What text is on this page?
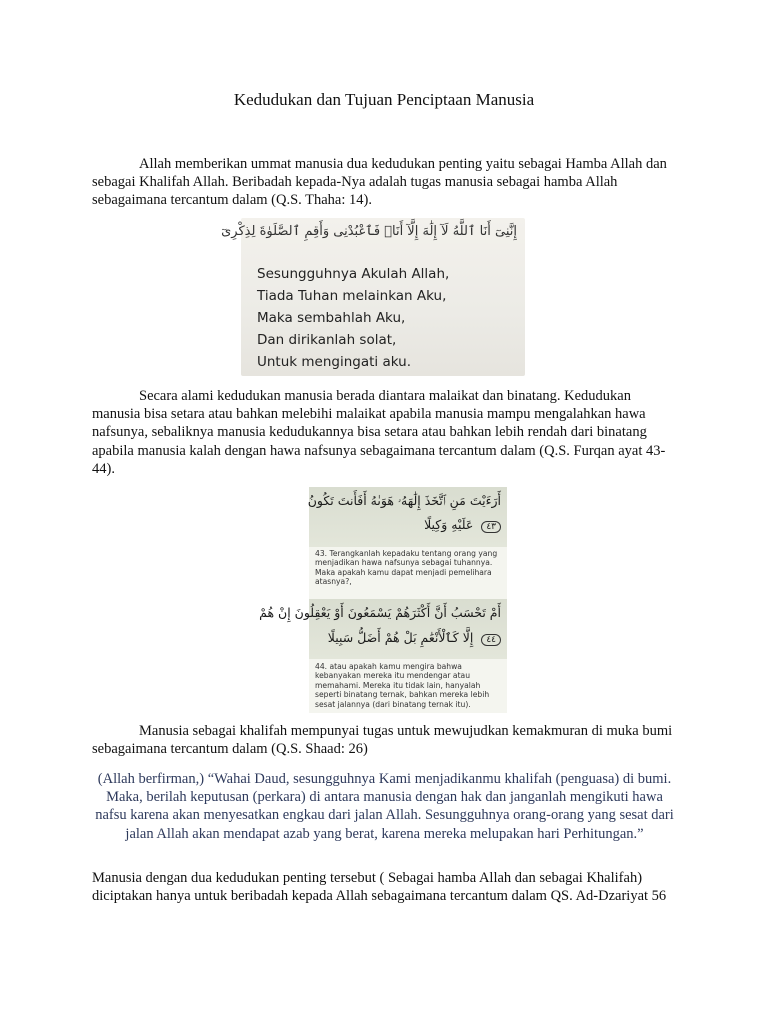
Kedudukan dan Tujuan Penciptaan Manusia
Allah memberikan ummat manusia dua kedudukan penting yaitu sebagai Hamba Allah dan sebagai Khalifah Allah. Beribadah kepada-Nya adalah tugas manusia sebagai hamba Allah sebagaimana tercantum dalam (Q.S. Thaha: 14).
إِنَّنِىٓ أَنَا ٱللَّهُ لَآ إِلَٰهَ إِلَّآ أَنَا۠ فَٱعْبُدْنِى وَأَقِمِ ٱلصَّلَوٰةَ لِذِكْرِىٓ
Sesungguhnya Akulah Allah,
Tiada Tuhan melainkan Aku,
Maka sembahlah Aku,
Dan dirikanlah solat,
Untuk mengingati aku.
Secara alami kedudukan manusia berada diantara malaikat dan binatang. Kedudukan manusia bisa setara atau bahkan melebihi malaikat apabila manusia mampu mengalahkan hawa nafsunya, sebaliknya manusia kedudukannya bisa setara atau bahkan lebih rendah dari binatang apabila manusia kalah dengan hawa nafsunya sebagaimana tercantum dalam (Q.S. Furqan ayat 43-44).
أَرَءَيْتَ مَنِ ٱتَّخَذَ إِلَٰهَهُۥ هَوَىٰهُ أَفَأَنتَ تَكُونُ
٤٣ عَلَيْهِ وَكِيلًا
43. Terangkanlah kepadaku tentang orang yang menjadikan hawa nafsunya sebagai tuhannya. Maka apakah kamu dapat menjadi pemelihara atasnya?,
أَمْ تَحْسَبُ أَنَّ أَكْثَرَهُمْ يَسْمَعُونَ أَوْ يَعْقِلُونَ إِنْ هُمْ
٤٤ إِلَّا كَٱلْأَنْعَٰمِ بَلْ هُمْ أَضَلُّ سَبِيلًا
44. atau apakah kamu mengira bahwa kebanyakan mereka itu mendengar atau memahami. Mereka itu tidak lain, hanyalah seperti binatang ternak, bahkan mereka lebih sesat jalannya (dari binatang ternak itu).
Manusia sebagai khalifah mempunyai tugas untuk mewujudkan kemakmuran di muka bumi sebagaimana tercantum dalam (Q.S. Shaad: 26)
(Allah berfirman,) “Wahai Daud, sesungguhnya Kami menjadikanmu khalifah (penguasa) di bumi. Maka, berilah keputusan (perkara) di antara manusia dengan hak dan janganlah mengikuti hawa nafsu karena akan menyesatkan engkau dari jalan Allah. Sesungguhnya orang-orang yang sesat dari jalan Allah akan mendapat azab yang berat, karena mereka melupakan hari Perhitungan.”
Manusia dengan dua kedudukan penting tersebut ( Sebagai hamba Allah dan sebagai Khalifah) diciptakan hanya untuk beribadah kepada Allah sebagaimana tercantum dalam QS. Ad-Dzariyat 56
